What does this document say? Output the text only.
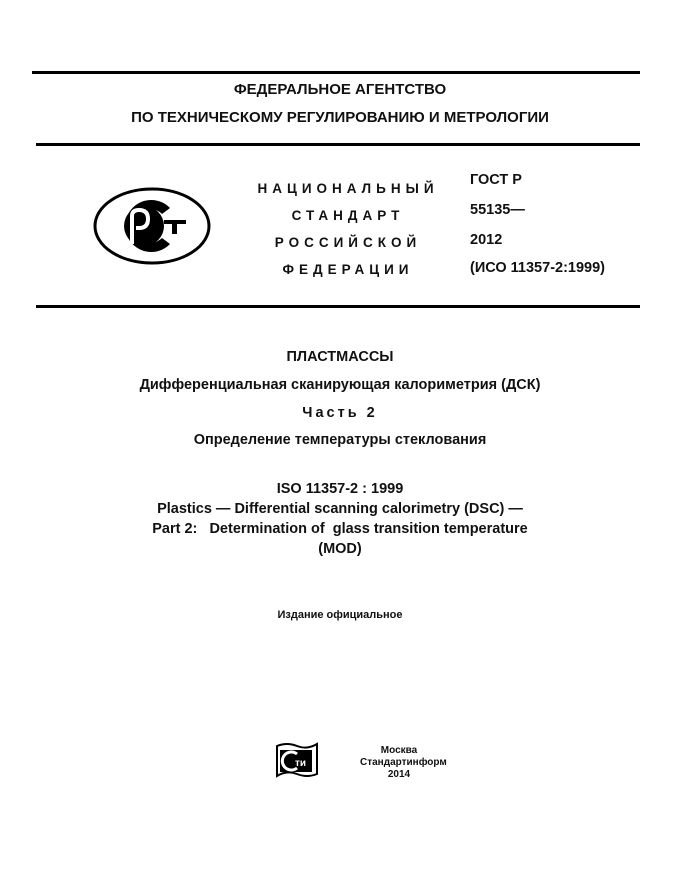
ФЕДЕРАЛЬНОЕ АГЕНТСТВО
ПО ТЕХНИЧЕСКОМУ РЕГУЛИРОВАНИЮ И МЕТРОЛОГИИ
НАЦИОНАЛЬНЫЙ
СТАНДАРТ
РОССИЙСКОЙ
ФЕДЕРАЦИИ
ГОСТ Р
55135—
2012
(ИСО 11357-2:1999)
ПЛАСТМАССЫ
Дифференциальная сканирующая калориметрия (ДСК)
Часть 2
Определение температуры стеклования
ISO 11357-2 : 1999
Plastics — Differential scanning calorimetry (DSC) —
Part 2:   Determination of  glass transition temperature
(MOD)
Издание официальное
ти
Москва
Стандартинформ
2014
